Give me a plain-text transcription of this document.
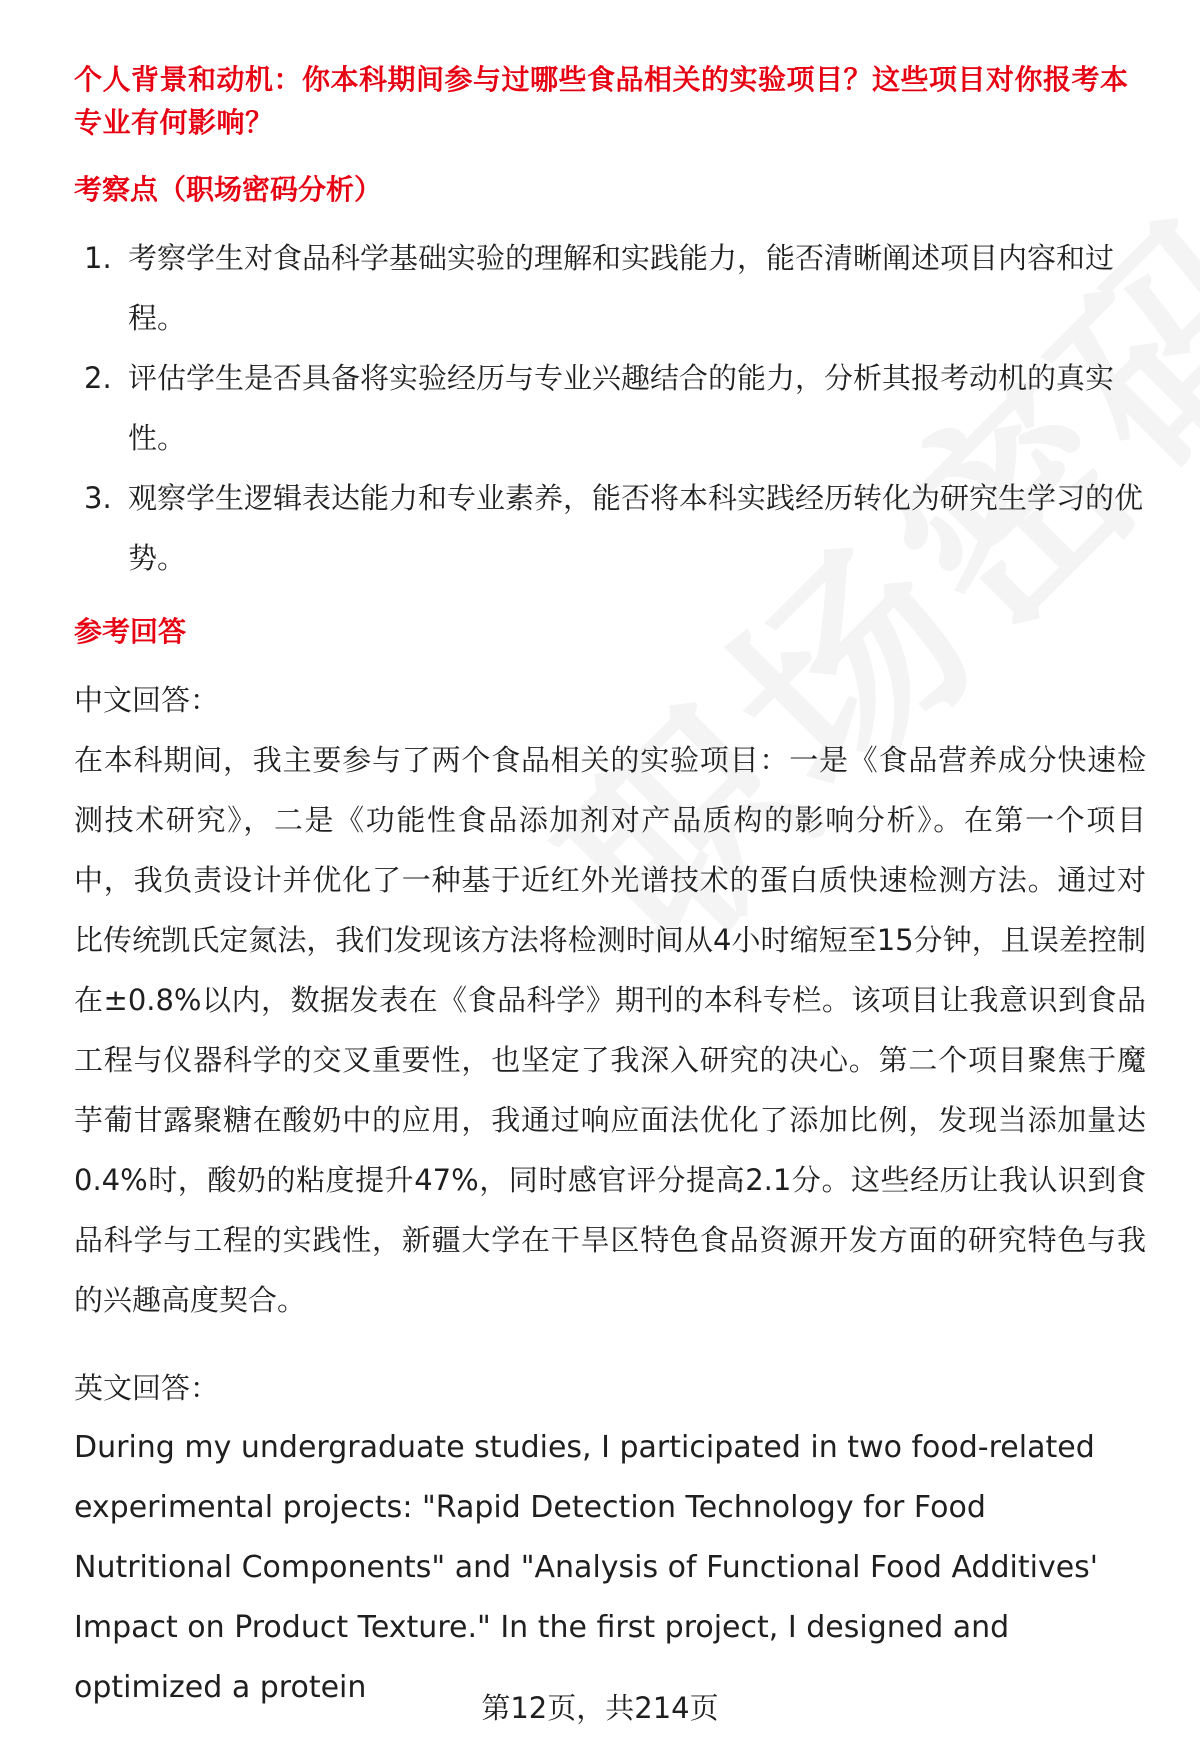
个人背景和动机：你本科期间参与过哪些食品相关的实验项目？这些项目对你报考本专业有何影响？
考察点（职场密码分析）
1. 考察学生对食品科学基础实验的理解和实践能力，能否清晰阐述项目内容和过程。
2. 评估学生是否具备将实验经历与专业兴趣结合的能力，分析其报考动机的真实性。
3. 观察学生逻辑表达能力和专业素养，能否将本科实践经历转化为研究生学习的优势。
参考回答

中文回答：

在本科期间，我主要参与了两个食品相关的实验项目：一是《食品营养成分快速检测技术研究》，二是《功能性食品添加剂对产品质构的影响分析》。在第一个项目中，我负责设计并优化了一种基于近红外光谱技术的蛋白质快速检测方法。通过对比传统凯氏定氮法，我们发现该方法将检测时间从4小时缩短至15分钟，且误差控制在±0.8%以内，数据发表在《食品科学》期刊的本科专栏。该项目让我意识到食品工程与仪器科学的交叉重要性，也坚定了我深入研究的决心。第二个项目聚焦于魔芋葡甘露聚糖在酸奶中的应用，我通过响应面法优化了添加比例，发现当添加量达0.4%时，酸奶的粘度提升47%，同时感官评分提高2.1分。这些经历让我认识到食品科学与工程的实践性，新疆大学在干旱区特色食品资源开发方面的研究特色与我的兴趣高度契合。

英文回答：

During my undergraduate studies, I participated in two food-related experimental projects: "Rapid Detection Technology for Food Nutritional Components" and "Analysis of Functional Food Additives' Impact on Product Texture." In the first project, I designed and optimized a protein

第12页，共214页
